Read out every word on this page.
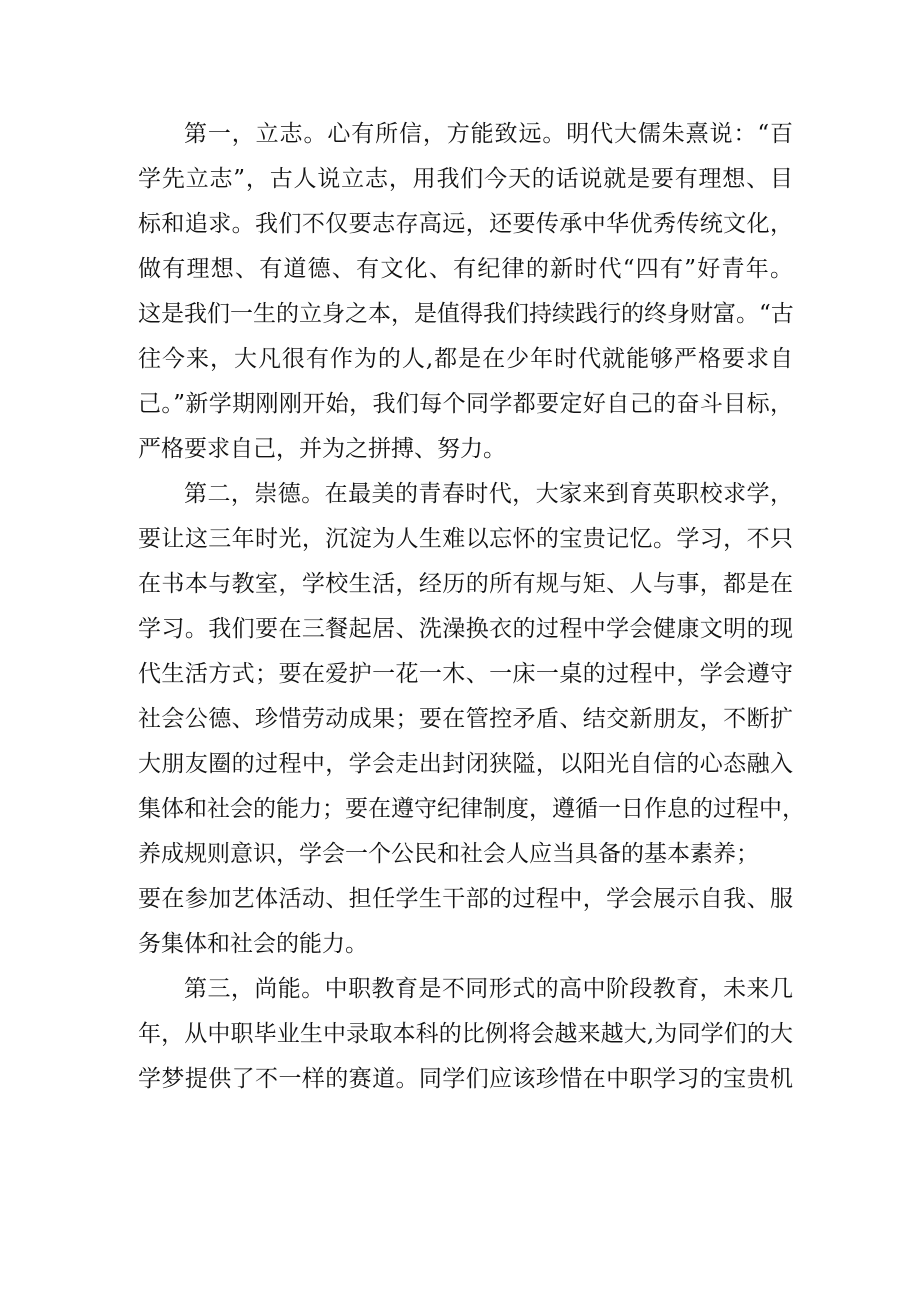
第一，立志。心有所信，方能致远。明代大儒朱熹说：“百
学先立志”，古人说立志，用我们今天的话说就是要有理想、目
标和追求。我们不仅要志存高远，还要传承中华优秀传统文化，
做有理想、有道德、有文化、有纪律的新时代“四有”好青年。
这是我们一生的立身之本，是值得我们持续践行的终身财富。“古
往今来，大凡很有作为的人,都是在少年时代就能够严格要求自
己。”新学期刚刚开始，我们每个同学都要定好自己的奋斗目标，
严格要求自己，并为之拼搏、努力。
第二，崇德。在最美的青春时代，大家来到育英职校求学，
要让这三年时光，沉淀为人生难以忘怀的宝贵记忆。学习，不只
在书本与教室，学校生活，经历的所有规与矩、人与事，都是在
学习。我们要在三餐起居、洗澡换衣的过程中学会健康文明的现
代生活方式；要在爱护一花一木、一床一桌的过程中，学会遵守
社会公德、珍惜劳动成果；要在管控矛盾、结交新朋友，不断扩
大朋友圈的过程中，学会走出封闭狭隘，以阳光自信的心态融入
集体和社会的能力；要在遵守纪律制度，遵循一日作息的过程中，
养成规则意识，学会一个公民和社会人应当具备的基本素养；
要在参加艺体活动、担任学生干部的过程中，学会展示自我、服
务集体和社会的能力。
第三，尚能。中职教育是不同形式的高中阶段教育，未来几
年，从中职毕业生中录取本科的比例将会越来越大,为同学们的大
学梦提供了不一样的赛道。同学们应该珍惜在中职学习的宝贵机
